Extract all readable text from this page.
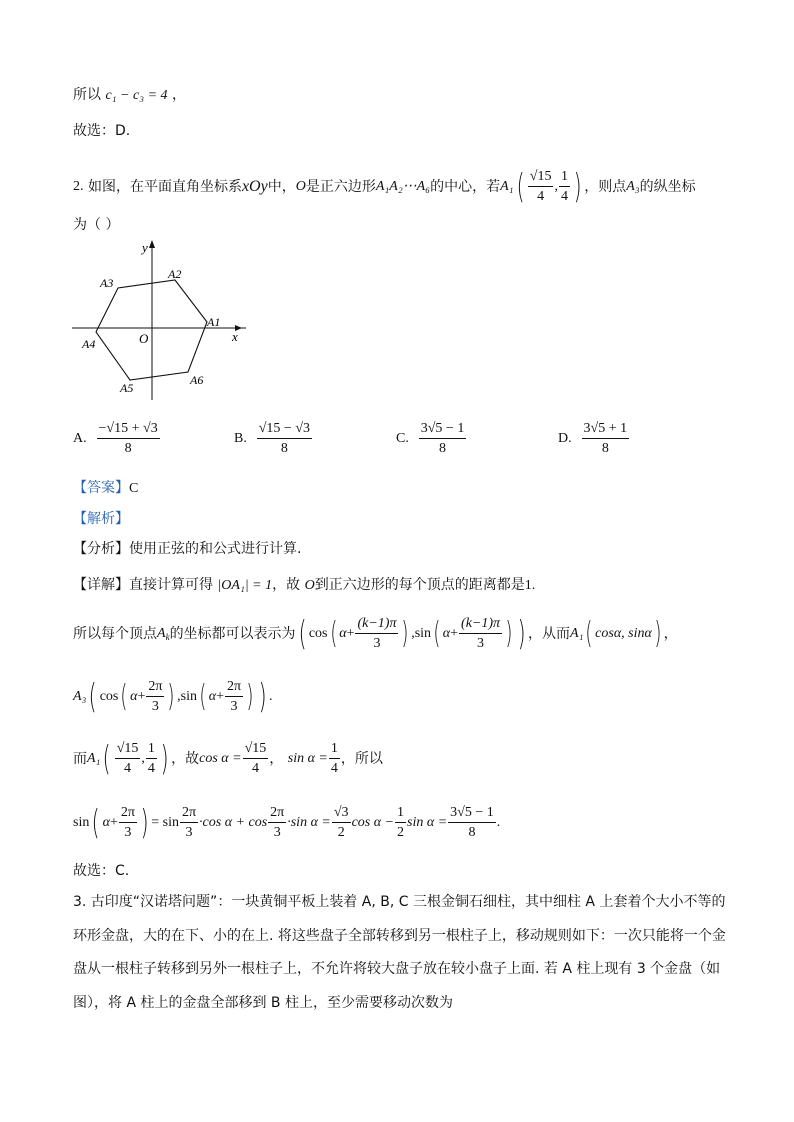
所以 c₁ − c₃ = 4 ，
故选：D.
2.
如图，在平面直角坐标系 xOy 中， O 是正六边形 A₁A₂⋯A₆ 的中心，若 A₁ ( $\frac{√15}{4}$ , $\frac{1}{4}$ ) ，则点 A₃ 的纵坐标
为（ ）
y
x
O
A1
A2
A3
A4
A5
A6
A.
$\frac{-√15 + √3}{8}$	B.
$\frac{√15 - √3}{8}$	C.
$\frac{3√5 - 1}{8}$	D.
$\frac{3√5 + 1}{8}$
【答案】C
【解析】
【分析】使用正弦的和公式进行计算.
【详解】直接计算可得 |OA₁| = 1，故 O到正六边形的每个顶点的距离都是1.
所以每个顶点 $A_k$ 的坐标都可以表示为 ( cos ( $\alpha + \frac{(k-1)\pi}{3}$ ) , sin ( $\alpha + \frac{(k-1)\pi}{3}$ ) ) ，从而 A₁ ( cosα, sinα ) ，
A₃ ( cos ( $\alpha + \frac{2\pi}{3}$ ) , sin ( $\alpha + \frac{2\pi}{3}$ ) ) .
而 A₁ ( $\frac{√15}{4}$ , $\frac{1}{4}$ ) ，故 $\cos \alpha = \frac{√15}{4}$ ，
$\sin \alpha = \frac{1}{4}$ ，所以
sin ( $\alpha + \frac{2\pi}{3}$ ) = $\sin \frac{2\pi}{3} \cdot\cos$ $\alpha + \cos \frac{2\pi}{3} \cdot\sin$ $\alpha = \frac{√3}{2}$ $\cos \alpha - \frac{1}{2}$ $\sin \alpha = \frac{3√5 - 1}{8}$ .
故选：C.
3. 古印度“汉诺塔问题”：一块黄铜平板上装着 A, B, C 三根金铜石细柱，其中细柱 A 上套着个大小不等的
环形金盘，大的在下、小的在上. 将这些盘子全部转移到另一根柱子上，移动规则如下：一次只能将一个金
盘从一根柱子转移到另外一根柱子上，不允许将较大盘子放在较小盘子上面. 若 A 柱上现有 3 个金盘（如
图），将 A 柱上的金盘全部移到 B 柱上，至少需要移动次数为
